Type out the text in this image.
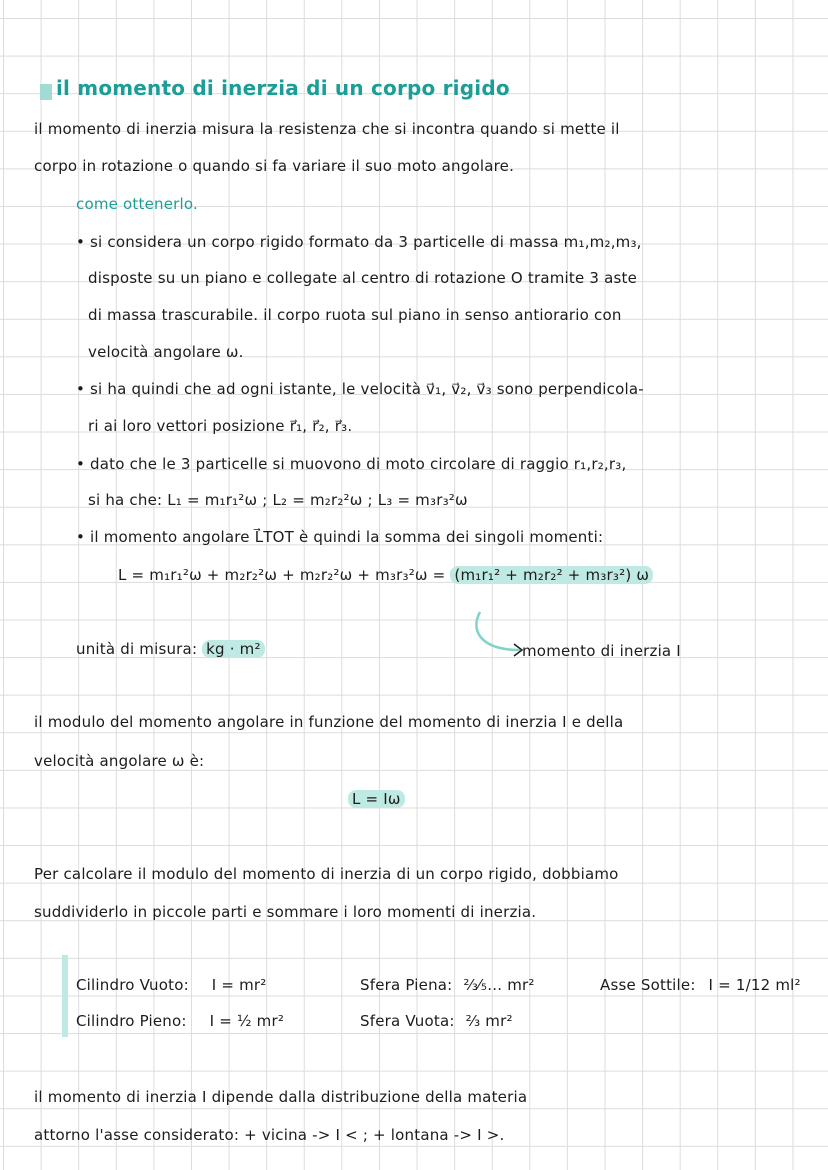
il momento di inerzia di un corpo rigido
il momento di inerzia misura la resistenza che si incontra quando si mette il
corpo in rotazione o quando si fa variare il suo moto angolare.
come ottenerlo.
• si considera un corpo rigido formato da 3 particelle di massa m₁,m₂,m₃,
disposte su un piano e collegate al centro di rotazione O tramite 3 aste
di massa trascurabile. il corpo ruota sul piano in senso antiorario con
velocità angolare ω.
• si ha quindi che ad ogni istante, le velocità v⃗₁, v⃗₂, v⃗₃ sono perpendicola-
ri ai loro vettori posizione r⃗₁, r⃗₂, r⃗₃.
• dato che le 3 particelle si muovono di moto circolare di raggio r₁,r₂,r₃,
si ha che: L₁ = m₁r₁²ω ; L₂ = m₂r₂²ω ; L₃ = m₃r₃²ω
• il momento angolare L⃗TOT è quindi la somma dei singoli momenti:
L = m₁r₁²ω + m₂r₂²ω + m₂r₂²ω + m₃r₃²ω = (m₁r₁² + m₂r₂² + m₃r₃²) ω
unità di misura: kg · m²	momento di inerzia I
il modulo del momento angolare in funzione del momento di inerzia I e della
velocità angolare ω è:
L = Iω
Per calcolare il modulo del momento di inerzia di un corpo rigido, dobbiamo
suddividerlo in piccole parti e sommare i loro momenti di inerzia.
Cilindro Vuoto: I = mr²
Cilindro Pieno: I = ½ mr²
Sfera Piena: ⅔⁄₅… mr²
Sfera Vuota: ⅔ mr²
Asse Sottile: I = 1/12 ml²
il momento di inerzia I dipende dalla distribuzione della materia
attorno l'asse considerato: + vicina -> I < ; + lontana -> I >.
